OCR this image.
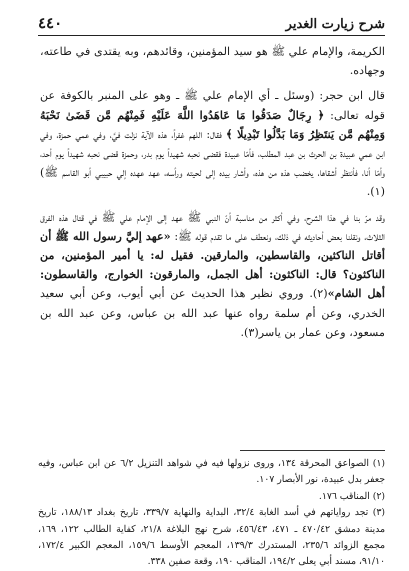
شرح زيارت الغدير
٤٤٠

الكريمة، والإمام علي ﷺ هو سيد المؤمنين، وقائدهم، وبه يقتدى في طاعته، وجهاده.

قال ابن حجر: (وسئل ـ أي الإمام علي ﷺ ـ وهو على المنبر بالكوفة عن قوله تعالى: ﴿ رِجَالٌ صَدَقُوا مَا عَاهَدُوا اللَّهَ عَلَيْهِ فَمِنْهُم مَّن قَضَىٰ نَحْبَهُ وَمِنْهُم مَّن يَنتَظِرُ وَمَا بَدَّلُوا تَبْدِيلًا ﴾ فقال: اللهم غفراً، هذه الآية نزلت فيَّ، وفي عمي حمزة، وفي ابن عمي عبيدة بن الحرث بن عبد المطلب، فأمّا عبيدة فقضى نحبه شهيداً يوم بدر، وحمزة قضى نحبه شهيداً يوم أحد، وأمّا أنا، فأنتظر أشقاها، يخضب هذه من هذه، وأشار بيده إلى لحيته ورأسه، عهد عهده إلي حبيبي أبو القاسم ﷺ)(١).

وقد مرّ بنا في هذا الشرح، وفي أكثر من مناسبة أنّ النبي ﷺ عهد إلى الإمام علي ﷺ في قتال هذه الفرق الثلاث، ونقلنا بعض أحاديثه في ذلك، ونعطف على ما تقدم قوله ﷺ: «عهد إليَّ رسول الله ﷺ أن أقاتل الناكثين، والقاسطين، والمارقين. فقيل له: يا أمير المؤمنين، من الناكثون؟ قال: الناكثون: أهل الجمل، والمارقون: الخوارج، والقاسطون: أهل الشام»(٢). وروي نظير هذا الحديث عن أبي أيوب، وعن أبي سعيد الخدري، وعن أم سلمة رواه عنها عبد الله بن عباس، وعن عبد الله بن مسعود، وعن عمار بن ياسر(٣).

(١) الصواعق المحرقة ١٣٤، وروى نزولها فيه في شواهد التنزيل ٦/٢ عن ابن عباس، وفيه جعفر بدل عبيدة، نور الأبصار ١٠٧.

(٢) المناقب ١٧٦.

(٣) تجد رواياتهم في أسد الغابة ٣٢/٤، البداية والنهاية ٣٣٩/٧، تاريخ بغداد ١٨٨/١٣، تاريخ مدينة دمشق ٤٧٠/٤٢ ـ ٤٧١، ٤٥٦/٤٣، شرح نهج البلاغة ٢١/٨، كفاية الطالب ١٢٢، ١٦٩، مجمع الزوائد ٢٣٥/٦، المستدرك ١٣٩/٣، المعجم الأوسط ١٥٩/٦، المعجم الكبير ١٧٢/٤، ٩١/١٠، مسند أبي يعلى ١٩٤/٢، المناقب ١٩٠، وقعة صفين ٣٣٨.
